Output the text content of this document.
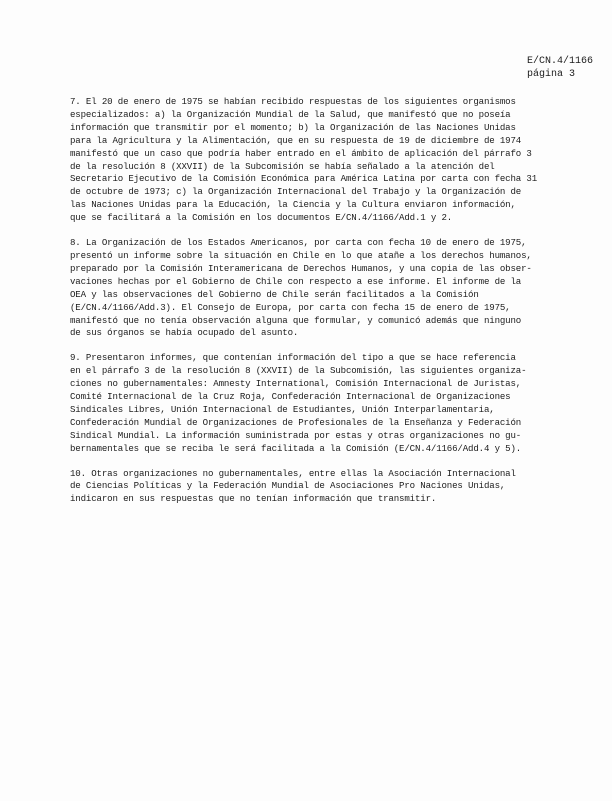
E/CN.4/1166
página 3
7. El 20 de enero de 1975 se habían recibido respuestas de los siguientes organismos
especializados: a) la Organización Mundial de la Salud, que manifestó que no poseía
información que transmitir por el momento; b) la Organización de las Naciones Unidas
para la Agricultura y la Alimentación, que en su respuesta de 19 de diciembre de 1974
manifestó que un caso que podría haber entrado en el ámbito de aplicación del párrafo 3
de la resolución 8 (XXVII) de la Subcomisión se había señalado a la atención del
Secretario Ejecutivo de la Comisión Económica para América Latina por carta con fecha 31
de octubre de 1973; c) la Organización Internacional del Trabajo y la Organización de
las Naciones Unidas para la Educación, la Ciencia y la Cultura enviaron información,
que se facilitará a la Comisión en los documentos E/CN.4/1166/Add.1 y 2.
8. La Organización de los Estados Americanos, por carta con fecha 10 de enero de 1975,
presentó un informe sobre la situación en Chile en lo que atañe a los derechos humanos,
preparado por la Comisión Interamericana de Derechos Humanos, y una copia de las obser-
vaciones hechas por el Gobierno de Chile con respecto a ese informe. El informe de la
OEA y las observaciones del Gobierno de Chile serán facilitados a la Comisión
(E/CN.4/1166/Add.3). El Consejo de Europa, por carta con fecha 15 de enero de 1975,
manifestó que no tenía observación alguna que formular, y comunicó además que ninguno
de sus órganos se había ocupado del asunto.
9. Presentaron informes, que contenían información del tipo a que se hace referencia
en el párrafo 3 de la resolución 8 (XXVII) de la Subcomisión, las siguientes organiza-
ciones no gubernamentales: Amnesty International, Comisión Internacional de Juristas,
Comité Internacional de la Cruz Roja, Confederación Internacional de Organizaciones
Sindicales Libres, Unión Internacional de Estudiantes, Unión Interparlamentaria,
Confederación Mundial de Organizaciones de Profesionales de la Enseñanza y Federación
Sindical Mundial. La información suministrada por estas y otras organizaciones no gu-
bernamentales que se reciba le será facilitada a la Comisión (E/CN.4/1166/Add.4 y 5).
10. Otras organizaciones no gubernamentales, entre ellas la Asociación Internacional
de Ciencias Políticas y la Federación Mundial de Asociaciones Pro Naciones Unidas,
indicaron en sus respuestas que no tenían información que transmitir.
